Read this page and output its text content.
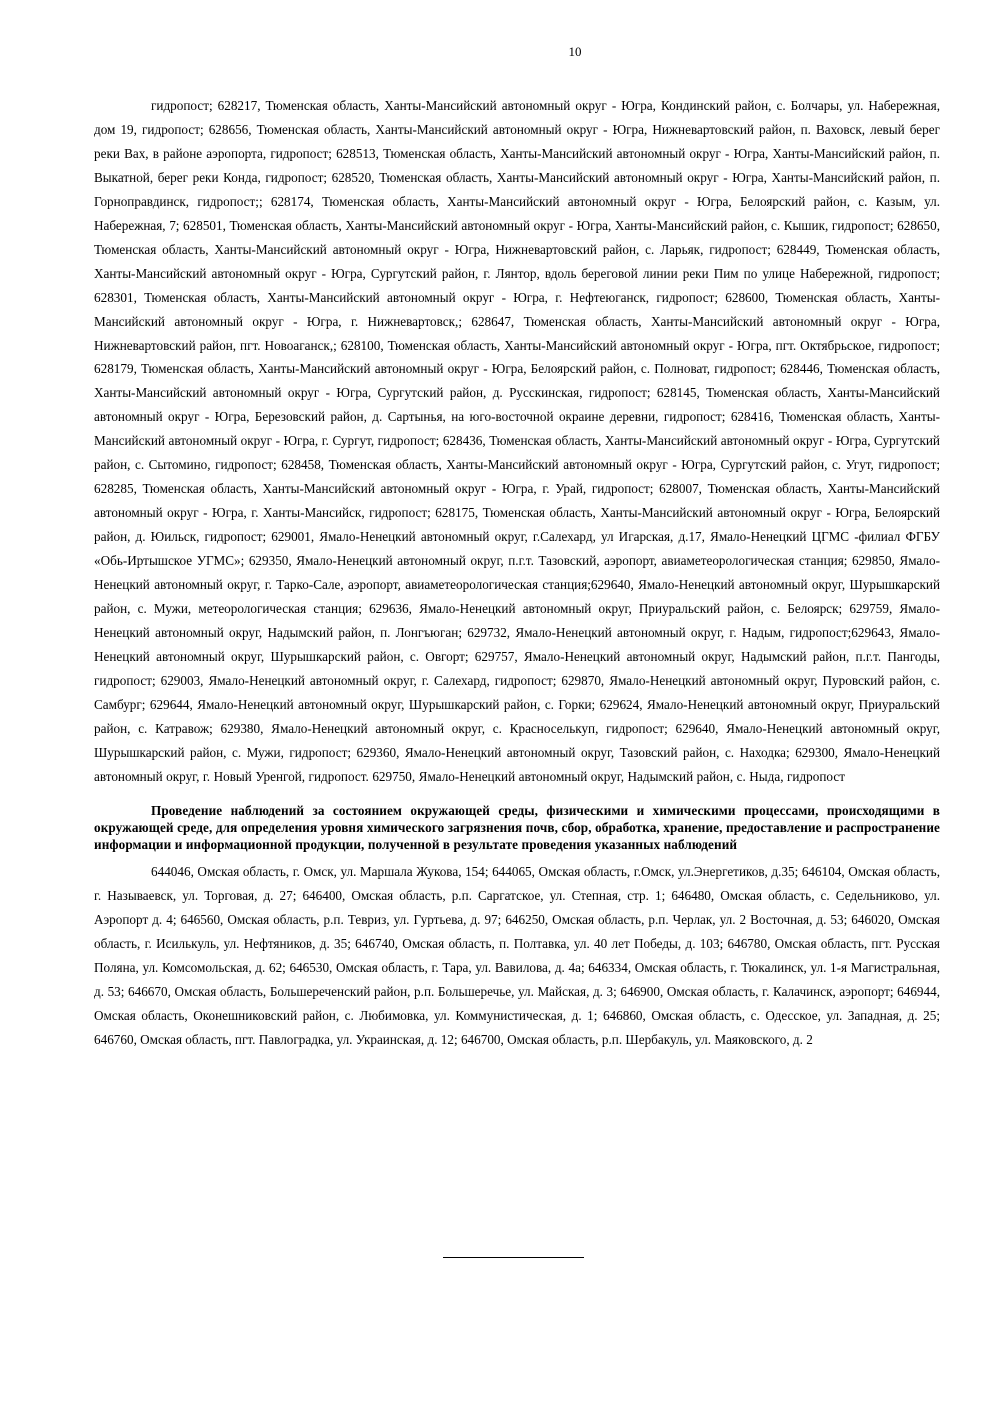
10

гидропост; 628217, Тюменская область, Ханты-Мансийский автономный округ - Югра, Кондинский район, с. Болчары, ул. Набережная, дом 19, гидропост; 628656, Тюменская область, Ханты-Мансийский автономный округ - Югра, Нижневартовский район, п. Ваховск, левый берег реки Вах, в районе аэропорта, гидропост; 628513, Тюменская область, Ханты-Мансийский автономный округ - Югра, Ханты-Мансийский район, п. Выкатной, берег реки Конда, гидропост; 628520, Тюменская область, Ханты-Мансийский автономный округ - Югра, Ханты-Мансийский район, п. Горноправдинск, гидропост;; 628174, Тюменская область, Ханты-Мансийский автономный округ - Югра, Белоярский район, с. Казым, ул. Набережная, 7; 628501, Тюменская область, Ханты-Мансийский автономный округ - Югра, Ханты-Мансийский район, с. Кышик, гидропост; 628650, Тюменская область, Ханты-Мансийский автономный округ - Югра, Нижневартовский район, с. Ларьяк, гидропост; 628449, Тюменская область, Ханты-Мансийский автономный округ - Югра, Сургутский район, г. Лянтор, вдоль береговой линии реки Пим по улице Набережной, гидропост; 628301, Тюменская область, Ханты-Мансийский автономный округ - Югра, г. Нефтеюганск, гидропост; 628600, Тюменская область, Ханты-Мансийский автономный округ - Югра, г. Нижневартовск,; 628647, Тюменская область, Ханты-Мансийский автономный округ - Югра, Нижневартовский район, пгт. Новоаганск,; 628100, Тюменская область, Ханты-Мансийский автономный округ - Югра, пгт. Октябрьское, гидропост; 628179, Тюменская область, Ханты-Мансийский автономный округ - Югра, Белоярский район, с. Полноват, гидропост; 628446, Тюменская область, Ханты-Мансийский автономный округ - Югра, Сургутский район, д. Русскинская, гидропост; 628145, Тюменская область, Ханты-Мансийский автономный округ - Югра, Березовский район, д. Сартынья, на юго-восточной окраине деревни, гидропост; 628416, Тюменская область, Ханты-Мансийский автономный округ - Югра, г. Сургут, гидропост; 628436, Тюменская область, Ханты-Мансийский автономный округ - Югра, Сургутский район, с. Сытомино, гидропост; 628458, Тюменская область, Ханты-Мансийский автономный округ - Югра, Сургутский район, с. Угут, гидропост; 628285, Тюменская область, Ханты-Мансийский автономный округ - Югра, г. Урай, гидропост; 628007, Тюменская область, Ханты-Мансийский автономный округ - Югра, г. Ханты-Мансийск, гидропост; 628175, Тюменская область, Ханты-Мансийский автономный округ - Югра, Белоярский район, д. Юильск, гидропост; 629001, Ямало-Ненецкий автономный округ, г.Салехард, ул Игарская, д.17, Ямало-Ненецкий ЦГМС -филиал ФГБУ «Обь-Иртышское УГМС»; 629350, Ямало-Ненецкий автономный округ, п.г.т. Тазовский, аэропорт, авиаметеорологическая станция; 629850, Ямало-Ненецкий автономный округ, г. Тарко-Сале, аэропорт, авиаметеорологическая станция;629640, Ямало-Ненецкий автономный округ, Шурышкарский район, с. Мужи, метеорологическая станция; 629636, Ямало-Ненецкий автономный округ, Приуральский район, с. Белоярск; 629759, Ямало-Ненецкий автономный округ, Надымский район, п. Лонгъюган; 629732, Ямало-Ненецкий автономный округ, г. Надым, гидропост;629643, Ямало-Ненецкий автономный округ, Шурышкарский район, с. Овгорт; 629757, Ямало-Ненецкий автономный округ, Надымский район, п.г.т. Пангоды, гидропост; 629003, Ямало-Ненецкий автономный округ, г. Салехард, гидропост; 629870, Ямало-Ненецкий автономный округ, Пуровский район, с. Самбург; 629644, Ямало-Ненецкий автономный округ, Шурышкарский район, с. Горки; 629624, Ямало-Ненецкий автономный округ, Приуральский район, с. Катравож; 629380, Ямало-Ненецкий автономный округ, с. Красноселькуп, гидропост; 629640, Ямало-Ненецкий автономный округ, Шурышкарский район, с. Мужи, гидропост; 629360, Ямало-Ненецкий автономный округ, Тазовский район, с. Находка; 629300, Ямало-Ненецкий автономный округ, г. Новый Уренгой, гидропост. 629750, Ямало-Ненецкий автономный округ, Надымский район, с. Ныда, гидропост

Проведение наблюдений за состоянием окружающей среды, физическими и химическими процессами, происходящими в окружающей среде, для определения уровня химического загрязнения почв, сбор, обработка, хранение, предоставление и распространение информации и информационной продукции, полученной в результате проведения указанных наблюдений

644046, Омская область, г. Омск, ул. Маршала Жукова, 154; 644065, Омская область, г.Омск, ул.Энергетиков, д.35; 646104, Омская область, г. Называевск, ул. Торговая, д. 27; 646400, Омская область, р.п. Саргатское, ул. Степная, стр. 1; 646480, Омская область, с. Седельниково, ул. Аэропорт д. 4; 646560, Омская область, р.п. Тевриз, ул. Гуртьева, д. 97; 646250, Омская область, р.п. Черлак, ул. 2 Восточная, д. 53; 646020, Омская область, г. Исилькуль, ул. Нефтяников, д. 35; 646740, Омская область, п. Полтавка, ул. 40 лет Победы, д. 103; 646780, Омская область, пгт. Русская Поляна, ул. Комсомольская, д. 62; 646530, Омская область, г. Тара, ул. Вавилова, д. 4а; 646334, Омская область, г. Тюкалинск, ул. 1-я Магистральная, д. 53; 646670, Омская область, Большереченский район, р.п. Большеречье, ул. Майская, д. 3; 646900, Омская область, г. Калачинск, аэропорт; 646944, Омская область, Оконешниковский район, с. Любимовка, ул. Коммунистическая, д. 1; 646860, Омская область, с. Одесское, ул. Западная, д. 25; 646760, Омская область, пгт. Павлоградка, ул. Украинская, д. 12; 646700, Омская область, р.п. Шербакуль, ул. Маяковского, д. 2
